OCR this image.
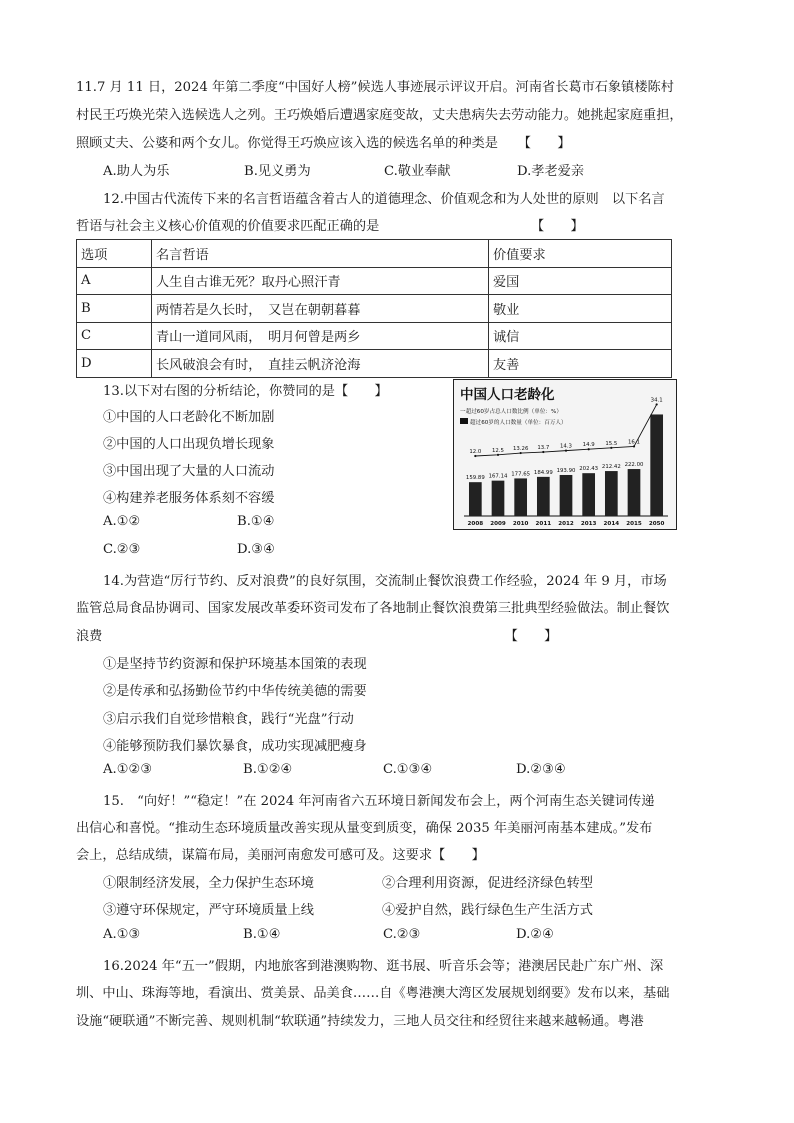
11.7 月 11 日，2024 年第二季度“中国好人榜”候选人事迹展示评议开启。河南省长葛市石象镇楼陈村
村民王巧焕光荣入选候选人之列。王巧焕婚后遭遇家庭变故，丈夫患病失去劳动能力。她挑起家庭重担，
照顾丈夫、公婆和两个女儿。你觉得王巧焕应该入选的候选名单的种类是　　【　　】
A.助人为乐	B.见义勇为	C.敬业奉献	D.孝老爱亲
12.中国古代流传下来的名言哲语蕴含着古人的道德理念、价值观念和为人处世的原则　以下名言
哲语与社会主义核心价值观的价值要求匹配正确的是　　　　　　　　　　　　【　　】
选项	名言哲语	价值要求
A	人生自古谁无死？取丹心照汗青	爱国
B	两情若是久长时，　又岂在朝朝暮暮	敬业
C	青山一道同风雨，　明月何曾是两乡	诚信
D	长风破浪会有时，　直挂云帆济沧海	友善
13.以下对右图的分析结论，你赞同的是【　　】
①中国的人口老龄化不断加剧
②中国的人口出现负增长现象
③中国出现了大量的人口流动
④构建养老服务体系刻不容缓
A.①②	B.①④
C.②③	D.③④
中国人口老龄化
一超过60岁占总人口数比例（单位：%）
超过60岁的人口数量（单位：百万人）
159.89
2008
12.0
167.14
2009
12.5
177.65
2010
13.26
184.99
2011
13.7
193.90
2012
14.3
202.43
2013
14.9
212.42
2014
15.5
222.00
2015
16.1
2050
34.1
14.为营造“厉行节约、反对浪费”的良好氛围，交流制止餐饮浪费工作经验，2024 年 9 月，市场
监管总局食品协调司、国家发展改革委环资司发布了各地制止餐饮浪费第三批典型经验做法。制止餐饮
浪费　　　　　　　　　　　　　　　　　　　　　　　　　　　　　　　【　　】
①是坚持节约资源和保护环境基本国策的表现
②是传承和弘扬勤俭节约中华传统美德的需要
③启示我们自觉珍惜粮食，践行“光盘”行动
④能够预防我们暴饮暴食，成功实现减肥瘦身
A.①②③	B.①②④	C.①③④	D.②③④
15.　“向好！”“稳定！”在 2024 年河南省六五环境日新闻发布会上，两个河南生态关键词传递
出信心和喜悦。“推动生态环境质量改善实现从量变到质变，确保 2035 年美丽河南基本建成。”发布
会上，总结成绩，谋篇布局，美丽河南愈发可感可及。这要求【　　】
①限制经济发展，全力保护生态环境	②合理利用资源，促进经济绿色转型
③遵守环保规定，严守环境质量上线	④爱护自然，践行绿色生产生活方式
A.①③	B.①④	C.②③	D.②④
16.2024 年“五一”假期，内地旅客到港澳购物、逛书展、听音乐会等；港澳居民赴广东广州、深
圳、中山、珠海等地，看演出、赏美景、品美食……自《粤港澳大湾区发展规划纲要》发布以来，基础
设施“硬联通”不断完善、规则机制“软联通”持续发力，三地人员交往和经贸往来越来越畅通。粤港
